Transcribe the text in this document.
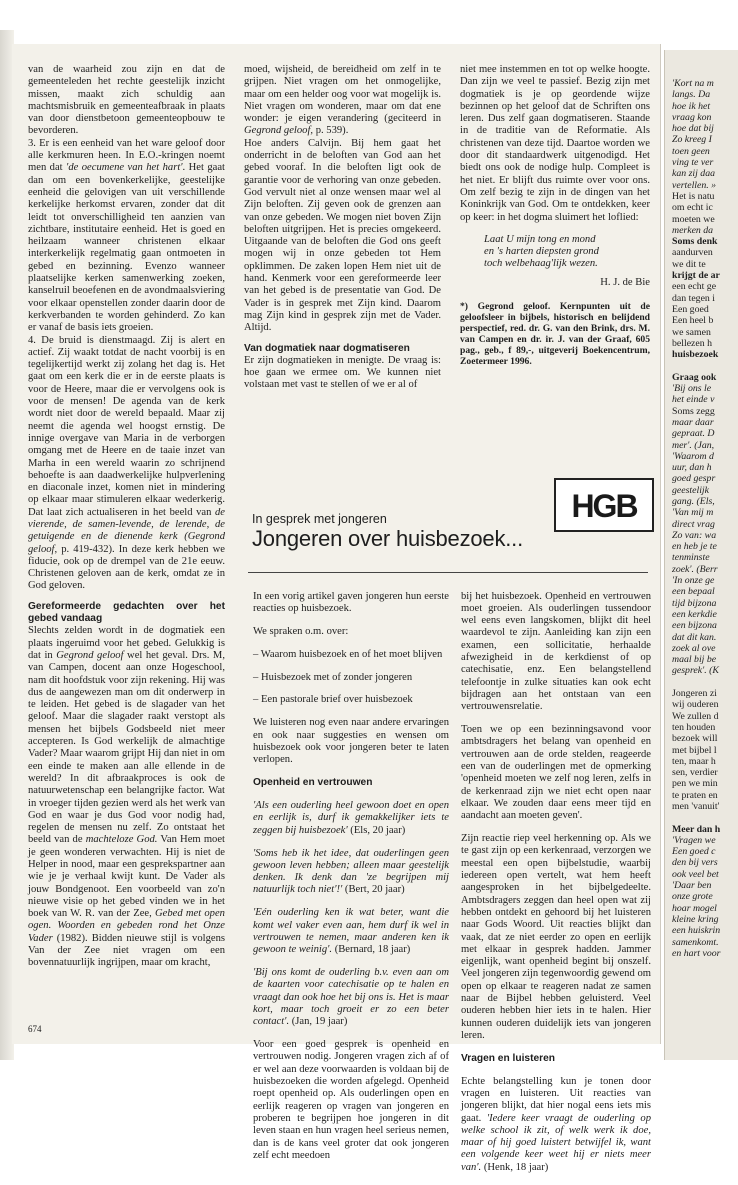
van de waarheid zou zijn en dat de gemeenteleden het rechte geestelijk inzicht missen, maakt zich schuldig aan machtsmisbruik en gemeenteafbraak in plaats van door dienstbetoon gemeenteopbouw te bevorderen.

3. Er is een eenheid van het ware geloof door alle kerkmuren heen. In E.O.-kringen noemt men dat 'de oecumene van het hart'. Het gaat dan om een bovenkerkelijke, geestelijke eenheid die gelovigen van uit verschillende kerkelijke herkomst ervaren, zonder dat dit leidt tot onverschilligheid ten aanzien van zichtbare, institutaire eenheid. Het is goed en heilzaam wanneer christenen elkaar interkerkelijk regelmatig gaan ontmoeten in gebed en bezinning. Evenzo wanneer plaatselijke kerken samenwerking zoeken, kanselruil beoefenen en de avondmaalsviering voor elkaar openstellen zonder daarin door de kerkverbanden te worden gehinderd. Zo kan er vanaf de basis iets groeien.

4. De bruid is dienstmaagd. Zij is alert en actief. Zij waakt totdat de nacht voorbij is en tegelijkertijd werkt zij zolang het dag is. Het gaat om een kerk die er in de eerste plaats is voor de Heere, maar die er vervolgens ook is voor de mensen! De agenda van de kerk wordt niet door de wereld bepaald. Maar zij neemt die agenda wel hoogst ernstig. De innige overgave van Maria in de verborgen omgang met de Heere en de taaie inzet van Marha in een wereld waarin zo schrijnend behoefte is aan daadwerkelijke hulpverlening en diaconale inzet, komen niet in mindering op elkaar maar stimuleren elkaar wederkerig. Dat laat zich actualiseren in het beeld van de vierende, de samen-levende, de lerende, de getuigende en de dienende kerk (Gegrond geloof, p. 419-432). In deze kerk hebben we fiducie, ook op de drempel van de 21e eeuw. Christenen geloven aan de kerk, omdat ze in God geloven.

Gereformeerde gedachten over het gebed vandaag

Slechts zelden wordt in de dogmatiek een plaats ingeruimd voor het gebed. Gelukkig is dat in Gegrond geloof wel het geval. Drs. M, van Campen, docent aan onze Hogeschool, nam dit hoofdstuk voor zijn rekening. Hij was dus de aangewezen man om dit onderwerp in te leiden. Het gebed is de slagader van het geloof. Maar die slagader raakt verstopt als mensen het bijbels Godsbeeld niet meer accepteren. Is God werkelijk de almachtige Vader? Maar waarom grijpt Hij dan niet in om een einde te maken aan alle ellende in de wereld? In dit afbraakproces is ook de natuurwetenschap een belangrijke factor. Wat in vroeger tijden gezien werd als het werk van God en waar je dus God voor nodig had, regelen de mensen nu zelf. Zo ontstaat het beeld van de machteloze God. Van Hem moet je geen wonderen verwachten. Hij is niet de Helper in nood, maar een gesprekspartner aan wie je je verhaal kwijt kunt. De Vader als jouw Bondgenoot. Een voorbeeld van zo'n nieuwe visie op het gebed vinden we in het boek van W. R. van der Zee, Gebed met open ogen. Woorden en gebeden rond het Onze Vader (1982). Bidden nieuwe stijl is volgens Van der Zee niet vragen om een bovennatuurlijk ingrijpen, maar om kracht,

moed, wijsheid, de bereidheid om zelf in te grijpen. Niet vragen om het onmogelijke, maar om een helder oog voor wat mogelijk is. Niet vragen om wonderen, maar om dat ene wonder: je eigen verandering (geciteerd in Gegrond geloof, p. 539).

Hoe anders Calvijn. Bij hem gaat het onderricht in de beloften van God aan het gebed vooraf. In die beloften ligt ook de garantie voor de verhoring van onze gebeden. God vervult niet al onze wensen maar wel al Zijn beloften. Zij geven ook de grenzen aan van onze gebeden. We mogen niet boven Zijn beloften uitgrijpen. Het is precies omgekeerd. Uitgaande van de beloften die God ons geeft mogen wij in onze gebeden tot Hem opklimmen. De zaken lopen Hem niet uit de hand. Kenmerk voor een gereformeerde leer van het gebed is de presentatie van God. De Vader is in gesprek met Zijn kind. Daarom mag Zijn kind in gesprek zijn met de Vader. Altijd.

Van dogmatiek naar dogmatiseren

Er zijn dogmatieken in menigte. De vraag is: hoe gaan we ermee om. We kunnen niet volstaan met vast te stellen of we er al of

niet mee instemmen en tot op welke hoogte. Dan zijn we veel te passief. Bezig zijn met dogmatiek is je op geordende wijze bezinnen op het geloof dat de Schriften ons leren. Dus zelf gaan dogmatiseren. Staande in de traditie van de Reformatie. Als christenen van deze tijd. Daartoe worden we door dit standaardwerk uitgenodigd. Het biedt ons ook de nodige hulp. Compleet is het niet. Er blijft dus ruimte over voor ons. Om zelf bezig te zijn in de dingen van het Koninkrijk van God. Om te ontdekken, keer op keer: in het dogma sluimert het loflied:

Laat U mijn tong en mond
en 's harten diepsten grond
toch welbehaag'lijk wezen.

H. J. de Bie

*) Gegrond geloof. Kernpunten uit de geloofsleer in bijbels, historisch en belijdend perspectief, red. dr. G. van den Brink, drs. M. van Campen en dr. ir. J. van der Graaf, 605 pag., geb., f 89,-, uitgeverij Boekencentrum, Zoetermeer 1996.

HGB
In gesprek met jongeren
Jongeren over huisbezoek...

In een vorig artikel gaven jongeren hun eerste reacties op huisbezoek.

We spraken o.m. over:

– Waarom huisbezoek en of het moet blijven

– Huisbezoek met of zonder jongeren

– Een pastorale brief over huisbezoek

We luisteren nog even naar andere ervaringen en ook naar suggesties en wensen om huisbezoek ook voor jongeren beter te laten verlopen.

Openheid en vertrouwen

'Als een ouderling heel gewoon doet en open en eerlijk is, durf ik gemakkelijker iets te zeggen bij huisbezoek' (Els, 20 jaar)

'Soms heb ik het idee, dat ouderlingen geen gewoon leven hebben; alleen maar geestelijk denken. Ik denk dan 'ze begrijpen mij natuurlijk toch niet'!' (Bert, 20 jaar)

'Eén ouderling ken ik wat beter, want die komt wel vaker even aan, hem durf ik wel in vertrouwen te nemen, maar anderen ken ik gewoon te weinig'. (Bernard, 18 jaar)

'Bij ons komt de ouderling b.v. even aan om de kaarten voor catechisatie op te halen en vraagt dan ook hoe het bij ons is. Het is maar kort, maar toch groeit er zo een beter contact'. (Jan, 19 jaar)

Voor een goed gesprek is openheid en vertrouwen nodig. Jongeren vragen zich af of er wel aan deze voorwaarden is voldaan bij de huisbezoeken die worden afgelegd. Openheid roept openheid op. Als ouderlingen open en eerlijk reageren op vragen van jongeren en proberen te begrijpen hoe jongeren in dit leven staan en hun vragen heel serieus nemen, dan is de kans veel groter dat ook jongeren zelf echt meedoen

bij het huisbezoek. Openheid en vertrouwen moet groeien. Als ouderlingen tussendoor wel eens even langskomen, blijkt dit heel waardevol te zijn. Aanleiding kan zijn een examen, een sollicitatie, herhaalde afwezigheid in de kerkdienst of op catechisatie, enz. Een belangstellend telefoontje in zulke situaties kan ook echt bijdragen aan het ontstaan van een vertrouwensrelatie.

Toen we op een bezinningsavond voor ambtsdragers het belang van openheid en vertrouwen aan de orde stelden, reageerde een van de ouderlingen met de opmerking 'openheid moeten we zelf nog leren, zelfs in de kerkenraad zijn we niet echt open naar elkaar. We zouden daar eens meer tijd en aandacht aan moeten geven'.

Zijn reactie riep veel herkenning op. Als we te gast zijn op een kerkenraad, verzorgen we meestal een open bijbelstudie, waarbij iedereen open vertelt, wat hem heeft aangesproken in het bijbelgedeelte. Ambtsdragers zeggen dan heel open wat zij hebben ontdekt en gehoord bij het luisteren naar Gods Woord. Uit reacties blijkt dan vaak, dat ze niet eerder zo open en eerlijk met elkaar in gesprek hadden. Jammer eigenlijk, want openheid begint bij onszelf. Veel jongeren zijn tegenwoordig gewend om open op elkaar te reageren nadat ze samen naar de Bijbel hebben geluisterd. Veel ouderen hebben hier iets in te halen. Hier kunnen ouderen duidelijk iets van jongeren leren.

Vragen en luisteren

Echte belangstelling kun je tonen door vragen en luisteren. Uit reacties van jongeren blijkt, dat hier nogal eens iets mis gaat. 'Iedere keer vraagt de ouderling op welke school ik zit, of welk werk ik doe, maar of hij goed luistert betwijfel ik, want een volgende keer weet hij er niets meer van'. (Henk, 18 jaar)

674
'Kort na m
langs. Da
hoe ik het
vraag kon
hoe dat bij
Zo kreeg I
toen geen
ving te ver
kan zij daa
vertellen. »
Het is natu
om echt ic
moeten we
merken da
Soms denk
aandurven
we dit te
krijgt de ar
een echt ge
dan tegen i
Een goed
Een heel b
we samen
bellezen h
huisbezoek
Graag ook
'Bij ons le
het einde v
Soms zegg
maar daar
gepraat. D
mer'. (Jan,
'Waarom d
uur, dan h
goed gespr
geestelijk
gang. (Els,
'Van mij m
direct vrag
Zo van: wa
en heb je te
tenminste
zoek'. (Berr
'In onze ge
een bepaal
tijd bijzona
een kerkdie
een bijzona
dat dit kan.
zoek al ove
maal bij be
gesprek'. (K
Jongeren zi
wij ouderen
We zullen d
ten houden
bezoek will
met bijbel l
ten, maar h
sen, verdier
pen we min
te praten en
men 'vanuit'
Meer dan h
'Vragen we
Een goed c
den bij vers
ook veel bet
'Daar ben
onze grote
hoar mogel
kleine kring
een huiskrin
samenkomt.
en hart voor
